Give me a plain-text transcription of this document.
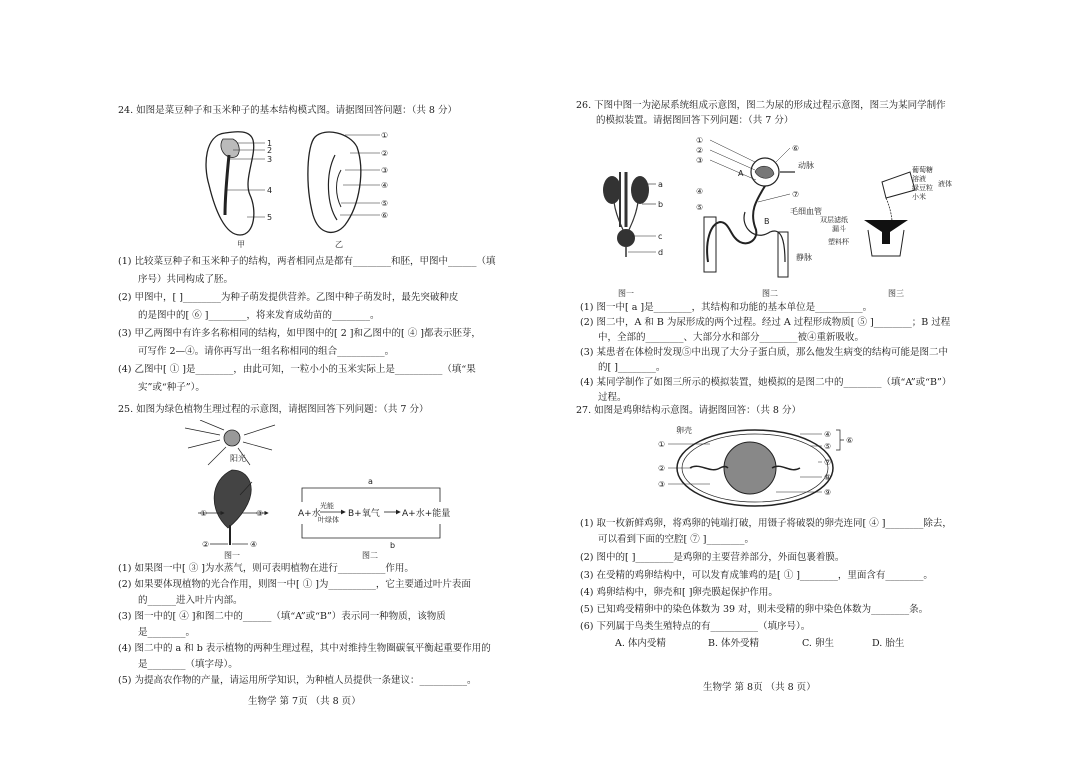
24. 如图是菜豆种子和玉米种子的基本结构模式图。请据图回答问题：（共 8 分）
1
2
3
4
5
甲
①
②
③
④
⑤
⑥
乙
(1) 比较菜豆种子和玉米种子的结构，两者相同点是都有________和胚，甲图中______（填
序号）共同构成了胚。
(2) 甲图中，[ ]________为种子萌发提供营养。乙图中种子萌发时，最先突破种皮
的是图中的[ ⑥ ]________，将来发育成幼苗的________。
(3) 甲乙两图中有许多名称相同的结构，如甲图中的[ 2 ]和乙图中的[ ④ ]都表示胚芽，
可写作 2—④。请你再写出一组名称相同的组合__________。
(4) 乙图中[ ① ]是________，由此可知，一粒小小的玉米实际上是__________（填“果
实”或“种子”）。
25. 如图为绿色植物生理过程的示意图，请据图回答下列问题：（共 7 分）
阳光
①	③
②	④
图一
a
A+水
光能
叶绿体
B+氧气 A+水+能量
b
图二
(1) 如果图一中[ ③ ]为水蒸气，则可表明植物在进行__________作用。
(2) 如果要体现植物的光合作用，则图一中[ ① ]为__________，它主要通过叶片表面
的______进入叶片内部。
(3) 图一中的[ ④ ]和图二中的______（填“A”或“B”）表示同一种物质，该物质
是________。
(4) 图二中的 a 和 b 表示植物的两种生理过程，其中对维持生物圈碳氧平衡起重要作用的
是________（填字母）。
(5) 为提高农作物的产量，请运用所学知识，为种植人员提供一条建议：__________。
生物学 第 7页 （共 8 页）
26. 下图中图一为泌尿系统组成示意图，图二为尿的形成过程示意图，图三为某同学制作
的模拟装置。请据图回答下列问题：（共 7 分）
a
b
c
d
图一
①
②
③
④
⑤
⑥
⑦
A
B
动脉
毛细血管
静脉
图二
葡萄糖
溶液
绿豆粒
小米
液体
双层滤纸
漏斗
塑料杯
图三
(1) 图一中[ a ]是________，其结构和功能的基本单位是__________。
(2) 图二中，A 和 B 为尿形成的两个过程。经过 A 过程形成物质[ ⑤ ]________；B 过程
中，全部的________、大部分水和部分________被④重新吸收。
(3) 某患者在体检时发现⑤中出现了大分子蛋白质，那么他发生病变的结构可能是图二中
的[ ]________。
(4) 某同学制作了如图三所示的模拟装置，她模拟的是图二中的________（填“A”或“B”）
过程。
27. 如图是鸡卵结构示意图。请据图回答：（共 8 分）
卵壳
①
②
③
④
⑤
⑦
⑧
⑨
⑥
(1) 取一枚新鲜鸡卵，将鸡卵的钝端打破，用镊子将破裂的卵壳连同[ ④ ]________除去，
可以看到下面的空腔[ ⑦ ]________。
(2) 图中的[ ]________是鸡卵的主要营养部分，外面包裹着膜。
(3) 在受精的鸡卵结构中，可以发育成雏鸡的是[ ① ]________，里面含有________。
(4) 鸡卵结构中，卵壳和[ ]卵壳膜起保护作用。
(5) 已知鸡受精卵中的染色体数为 39 对，则未受精的卵中染色体数为________条。
(6) 下列属于鸟类生殖特点的有__________（填序号）。
A. 体内受精	B. 体外受精	C. 卵生	D. 胎生
生物学 第 8页 （共 8 页）
